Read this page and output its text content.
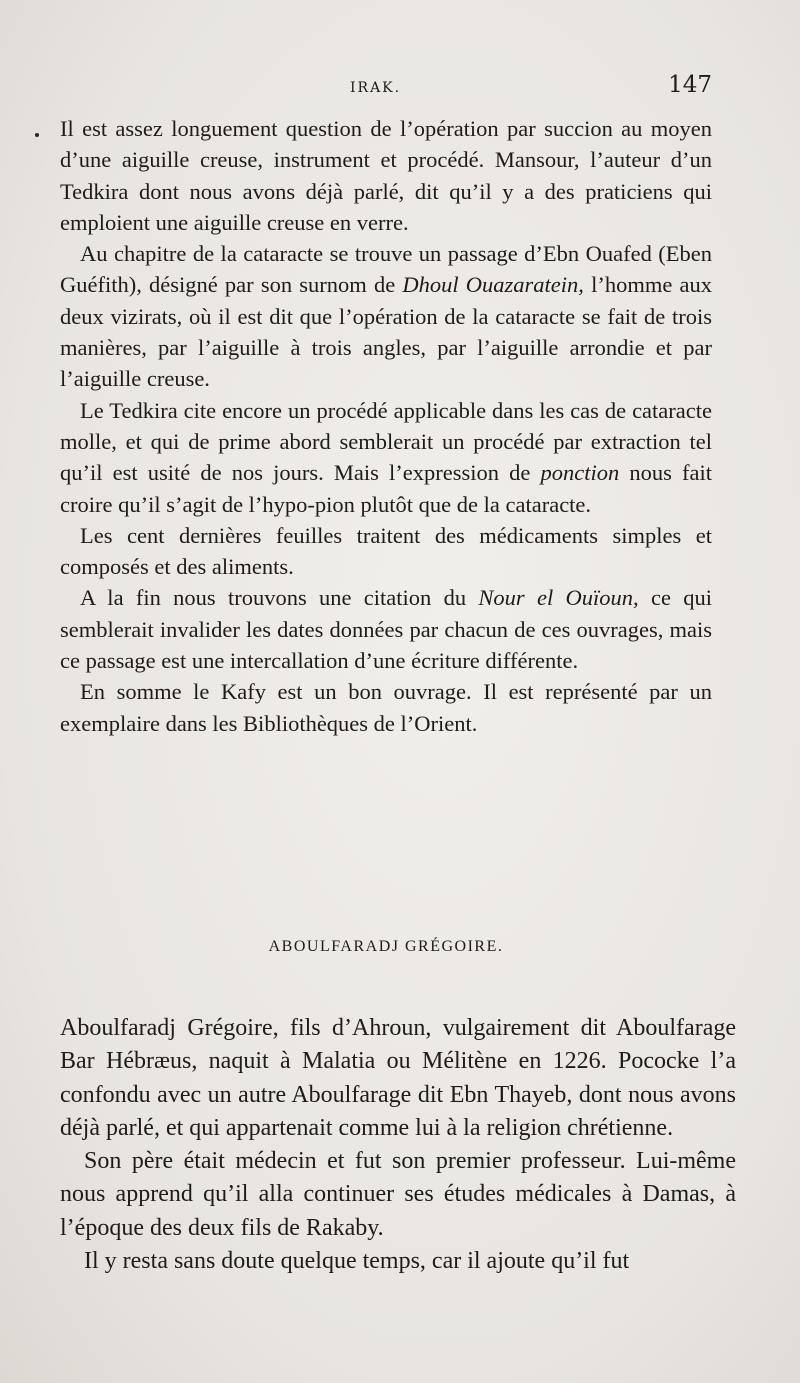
IRAK.	147

Il est assez longuement question de l’opération par succion au moyen d’une aiguille creuse, instrument et procédé. Mansour, l’auteur d’un Tedkira dont nous avons déjà parlé, dit qu’il y a des praticiens qui emploient une aiguille creuse en verre.

Au chapitre de la cataracte se trouve un passage d’Ebn Ouafed (Eben Guéfith), désigné par son surnom de Dhoul Ouazaratein, l’homme aux deux vizirats, où il est dit que l’opération de la cataracte se fait de trois manières, par l’aiguille à trois angles, par l’aiguille arrondie et par l’aiguille creuse.

Le Tedkira cite encore un procédé applicable dans les cas de cataracte molle, et qui de prime abord semblerait un procédé par extraction tel qu’il est usité de nos jours. Mais l’expression de ponction nous fait croire qu’il s’agit de l’hypo-pion plutôt que de la cataracte.

Les cent dernières feuilles traitent des médicaments simples et composés et des aliments.

A la fin nous trouvons une citation du Nour el Ouïoun, ce qui semblerait invalider les dates données par chacun de ces ouvrages, mais ce passage est une intercallation d’une écriture différente.

En somme le Kafy est un bon ouvrage. Il est représenté par un exemplaire dans les Bibliothèques de l’Orient.

ABOULFARADJ GRÉGOIRE.

Aboulfaradj Grégoire, fils d’Ahroun, vulgairement dit Aboulfarage Bar Hébræus, naquit à Malatia ou Mélitène en 1226. Pococke l’a confondu avec un autre Aboulfarage dit Ebn Thayeb, dont nous avons déjà parlé, et qui appartenait comme lui à la religion chrétienne.

Son père était médecin et fut son premier professeur. Lui-même nous apprend qu’il alla continuer ses études médicales à Damas, à l’époque des deux fils de Rakaby.

Il y resta sans doute quelque temps, car il ajoute qu’il fut
